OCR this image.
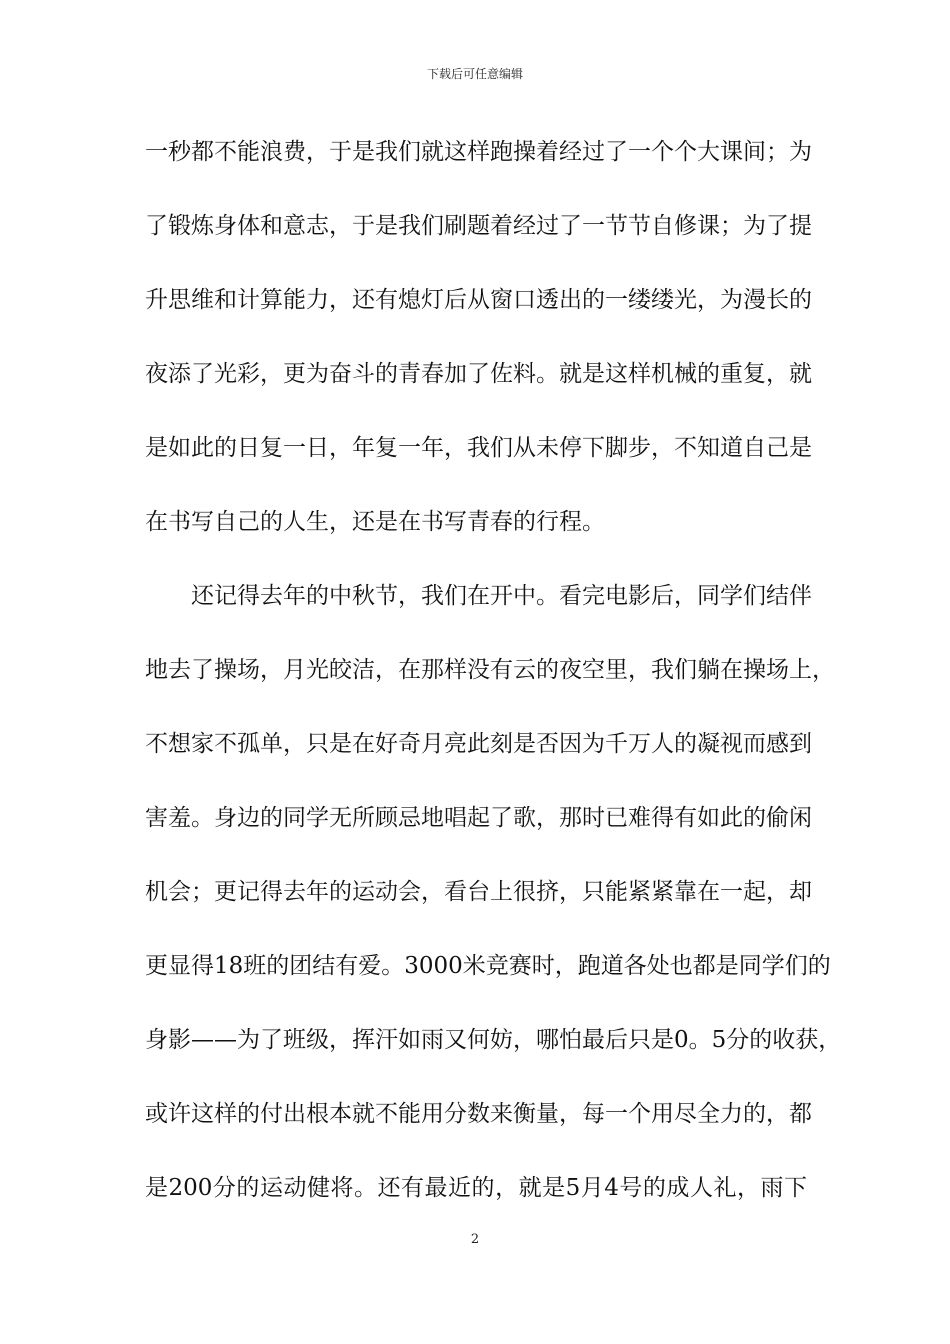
下载后可任意编辑
一秒都不能浪费，于是我们就这样跑操着经过了一个个大课间；为
了锻炼身体和意志，于是我们刷题着经过了一节节自修课；为了提
升思维和计算能力，还有熄灯后从窗口透出的一缕缕光，为漫长的
夜添了光彩，更为奋斗的青春加了佐料。就是这样机械的重复，就
是如此的日复一日，年复一年，我们从未停下脚步，不知道自己是
在书写自己的人生，还是在书写青春的行程。
还记得去年的中秋节，我们在开中。看完电影后，同学们结伴
地去了操场，月光皎洁，在那样没有云的夜空里，我们躺在操场上，
不想家不孤单，只是在好奇月亮此刻是否因为千万人的凝视而感到
害羞。身边的同学无所顾忌地唱起了歌，那时已难得有如此的偷闲
机会；更记得去年的运动会，看台上很挤，只能紧紧靠在一起，却
更显得18班的团结有爱。3000米竞赛时，跑道各处也都是同学们的
身影——为了班级，挥汗如雨又何妨，哪怕最后只是0。5分的收获，
或许这样的付出根本就不能用分数来衡量，每一个用尽全力的，都
是200分的运动健将。还有最近的，就是5月4号的成人礼，雨下
2
